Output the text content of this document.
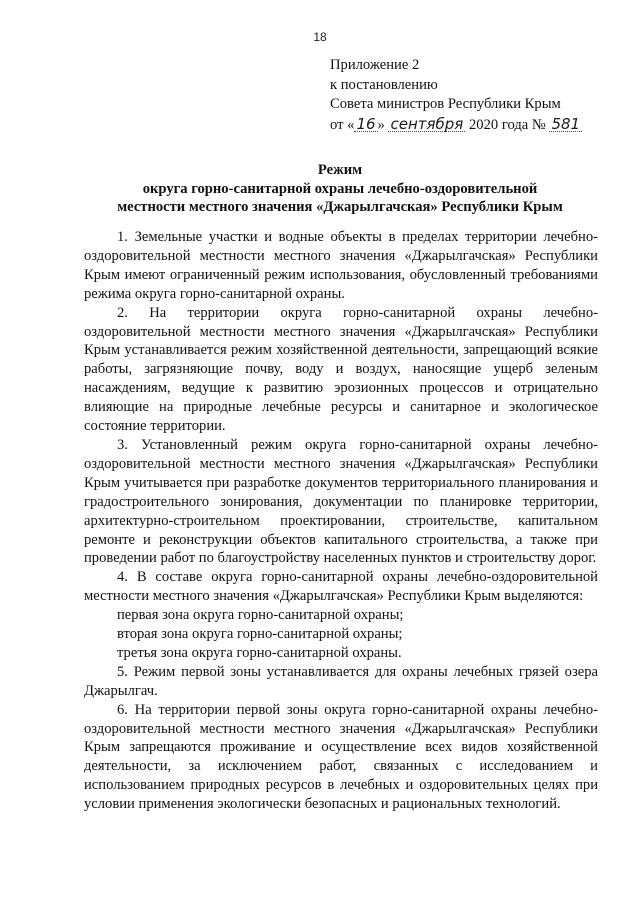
18
Приложение 2
к постановлению
Совета министров Республики Крым
от « 16 » сентября 2020 года № 581
Режим
округа горно-санитарной охраны лечебно-оздоровительной
местности местного значения «Джарылгачская» Республики Крым

1. Земельные участки и водные объекты в пределах территории лечебно-оздоровительной местности местного значения «Джарылгачская» Республики Крым имеют ограниченный режим использования, обусловленный требованиями режима округа горно-санитарной охраны.

2. На территории округа горно-санитарной охраны лечебно-оздоровительной местности местного значения «Джарылгачская» Республики Крым устанавливается режим хозяйственной деятельности, запрещающий всякие работы, загрязняющие почву, воду и воздух, наносящие ущерб зеленым насаждениям, ведущие к развитию эрозионных процессов и отрицательно влияющие на природные лечебные ресурсы и санитарное и экологическое состояние территории.

3. Установленный режим округа горно-санитарной охраны лечебно-оздоровительной местности местного значения «Джарылгачская» Республики Крым учитывается при разработке документов территориального планирования и градостроительного зонирования, документации по планировке территории, архитектурно-строительном проектировании, строительстве, капитальном ремонте и реконструкции объектов капитального строительства, а также при проведении работ по благоустройству населенных пунктов и строительству дорог.

4. В составе округа горно-санитарной охраны лечебно-оздоровительной местности местного значения «Джарылгачская» Республики Крым выделяются:

первая зона округа горно-санитарной охраны;

вторая зона округа горно-санитарной охраны;

третья зона округа горно-санитарной охраны.

5. Режим первой зоны устанавливается для охраны лечебных грязей озера Джарылгач.

6. На территории первой зоны округа горно-санитарной охраны лечебно-оздоровительной местности местного значения «Джарылгачская» Республики Крым запрещаются проживание и осуществление всех видов хозяйственной деятельности, за исключением работ, связанных с исследованием и использованием природных ресурсов в лечебных и оздоровительных целях при условии применения экологически безопасных и рациональных технологий.
